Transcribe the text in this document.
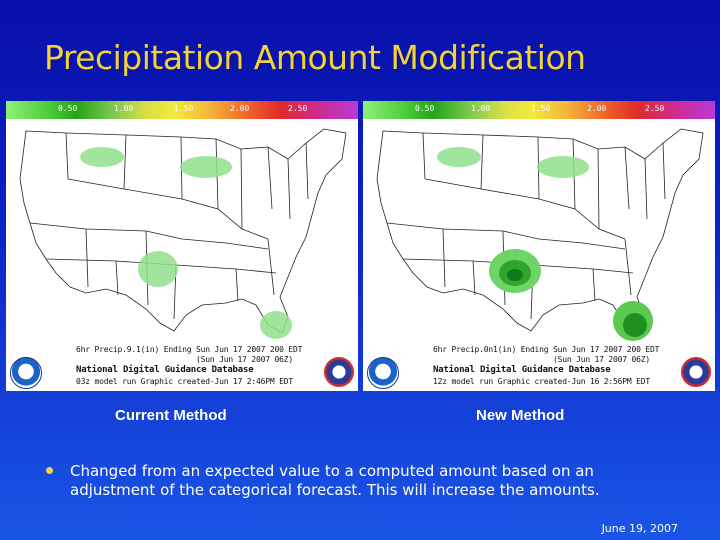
Precipitation Amount Modification
0.50	1.00	1.50	2.00	2.50
6hr Precip.9.1(in) Ending Sun Jun 17 2007 200 EDT
(Sun Jun 17 2007 06Z)
National Digital Guidance Database
03z model run Graphic created-Jun 17 2:46PM EDT
0.50	1.00	1.50	2.00	2.50
6hr Precip.0n1(in) Ending Sun Jun 17 2007 200 EDT
(Sun Jun 17 2007 06Z)
National Digital Guidance Database
12z model run Graphic created-Jun 16 2:56PM EDT
Current Method	New Method
Changed from an expected value to a computed amount based on an adjustment of the categorical forecast. This will increase the amounts.
June 19, 2007
